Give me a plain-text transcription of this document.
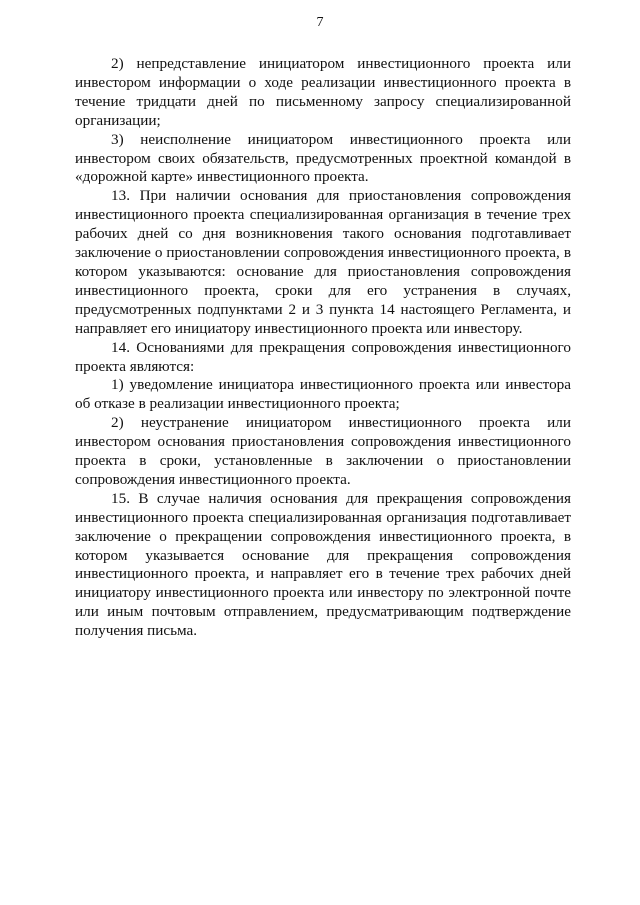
7

2) непредставление инициатором инвестиционного проекта или инвестором информации о ходе реализации инвестиционного проекта в течение тридцати дней по письменному запросу специализированной организации;

3) неисполнение инициатором инвестиционного проекта или инвестором своих обязательств, предусмотренных проектной командой в «дорожной карте» инвестиционного проекта.

13. При наличии основания для приостановления сопровождения инвестиционного проекта специализированная организация в течение трех рабочих дней со дня возникновения такого основания подготавливает заключение о приостановлении сопровождения инвестиционного проекта, в котором указываются: основание для приостановления сопровождения инвестиционного проекта, сроки для его устранения в случаях, предусмотренных подпунктами 2 и 3 пункта 14 настоящего Регламента, и направляет его инициатору инвестиционного проекта или инвестору.

14. Основаниями для прекращения сопровождения инвестиционного проекта являются:

1) уведомление инициатора инвестиционного проекта или инвестора об отказе в реализации инвестиционного проекта;

2) неустранение инициатором инвестиционного проекта или инвестором основания приостановления сопровождения инвестиционного проекта в сроки, установленные в заключении о приостановлении сопровождения инвестиционного проекта.

15. В случае наличия основания для прекращения сопровождения инвестиционного проекта специализированная организация подготавливает заключение о прекращении сопровождения инвестиционного проекта, в котором указывается основание для прекращения сопровождения инвестиционного проекта, и направляет его в течение трех рабочих дней инициатору инвестиционного проекта или инвестору по электронной почте или иным почтовым отправлением, предусматривающим подтверждение получения письма.
